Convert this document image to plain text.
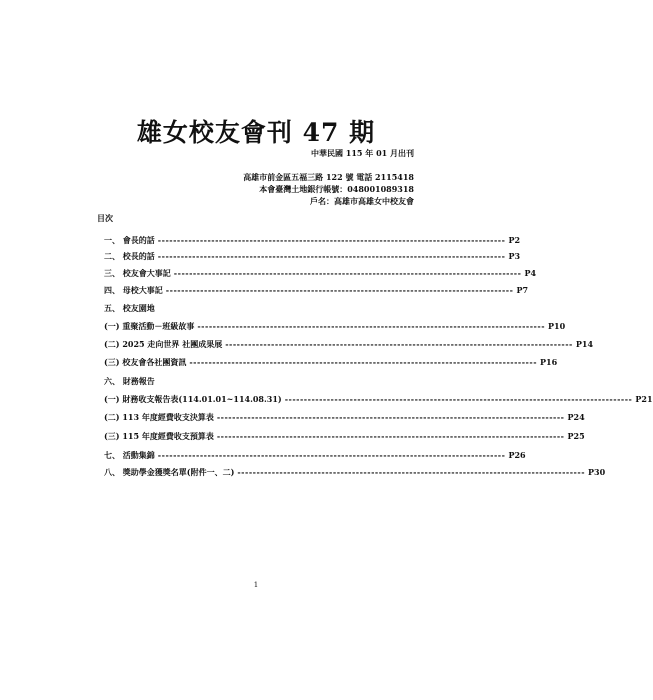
雄女校友會刊 47 期
中華民國 115 年 01 月出刊
高雄市前金區五福三路 122 號 電話 2115418
本會臺灣土地銀行帳號：048001089318
戶名：高雄市高雄女中校友會
目次
一、 會長的話 ------------------------------------------------------------------------------------------- P2
二、 校長的話 ------------------------------------------------------------------------------------------- P3
三、 校友會大事記 ------------------------------------------------------------------------------------------- P4
四、 母校大事記 ------------------------------------------------------------------------------------------- P7
五、 校友園地
(一) 重聚活動－班級故事 ------------------------------------------------------------------------------------------- P10
(二) 2025 走向世界 社團成果展 ------------------------------------------------------------------------------------------- P14
(三) 校友會各社團資訊 ------------------------------------------------------------------------------------------- P16
六、 財務報告
(一) 財務收支報告表(114.01.01~114.08.31) ------------------------------------------------------------------------------------------- P21
(二) 113 年度經費收支決算表 ------------------------------------------------------------------------------------------- P24
(三) 115 年度經費收支預算表 ------------------------------------------------------------------------------------------- P25
七、 活動集錦 ------------------------------------------------------------------------------------------- P26
八、 獎助學金獲獎名單(附件一、二) ------------------------------------------------------------------------------------------- P30
1
